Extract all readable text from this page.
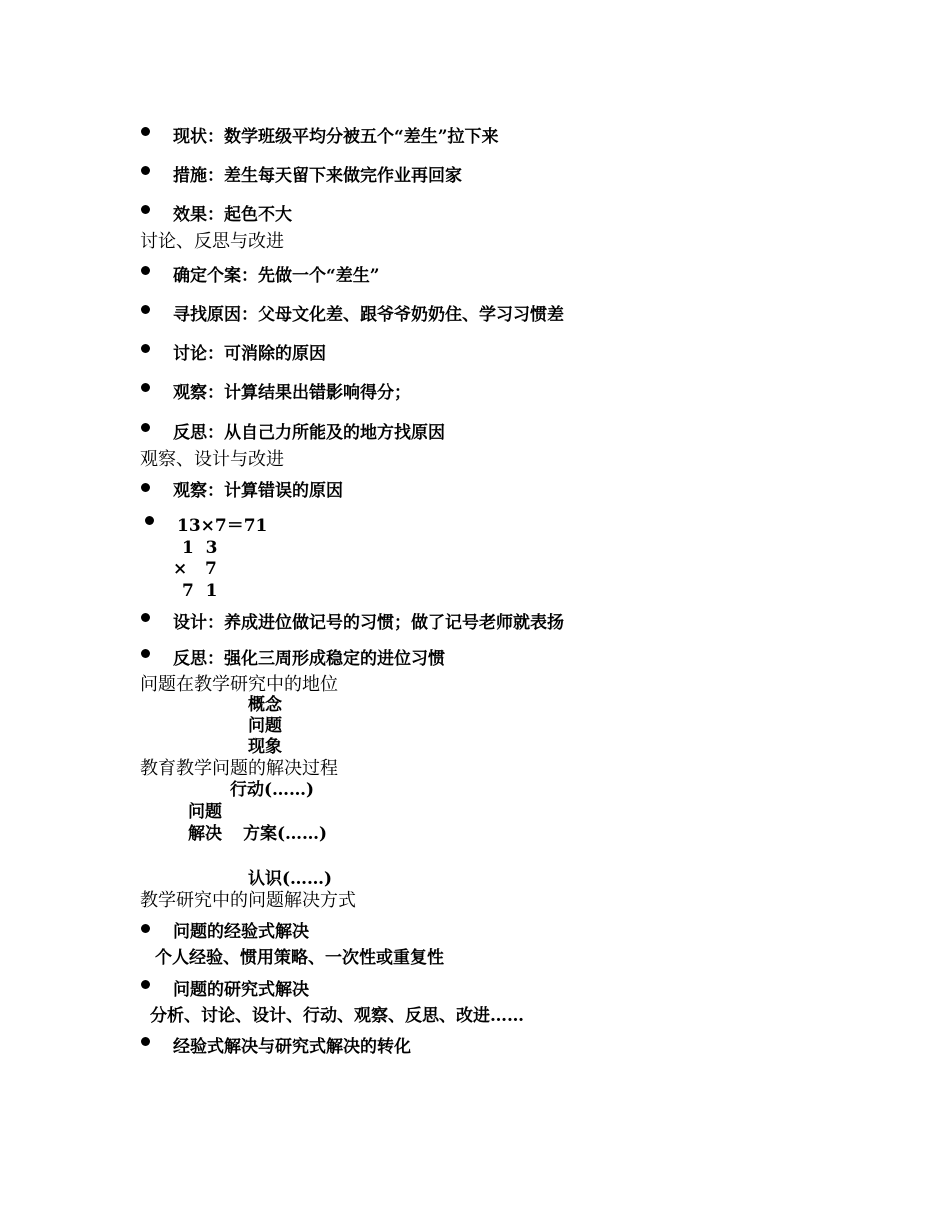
现状：数学班级平均分被五个“差生”拉下来
措施：差生每天留下来做完作业再回家
效果：起色不大
讨论、反思与改进
确定个案：先做一个“差生”
寻找原因：父母文化差、跟爷爷奶奶住、学习习惯差
讨论：可消除的原因
观察：计算结果出错影响得分；
反思：从自己力所能及的地方找原因
观察、设计与改进
观察：计算错误的原因
13×7＝71
1  3
×   7
7  1
设计：养成进位做记号的习惯；做了记号老师就表扬
反思：强化三周形成稳定的进位习惯
问题在教学研究中的地位
概念
问题
现象
教育教学问题的解决过程
行动(……)
问题
解决 方案(……)
认识(……)
教学研究中的问题解决方式
问题的经验式解决
个人经验、惯用策略、一次性或重复性
问题的研究式解决
分析、讨论、设计、行动、观察、反思、改进……
经验式解决与研究式解决的转化
